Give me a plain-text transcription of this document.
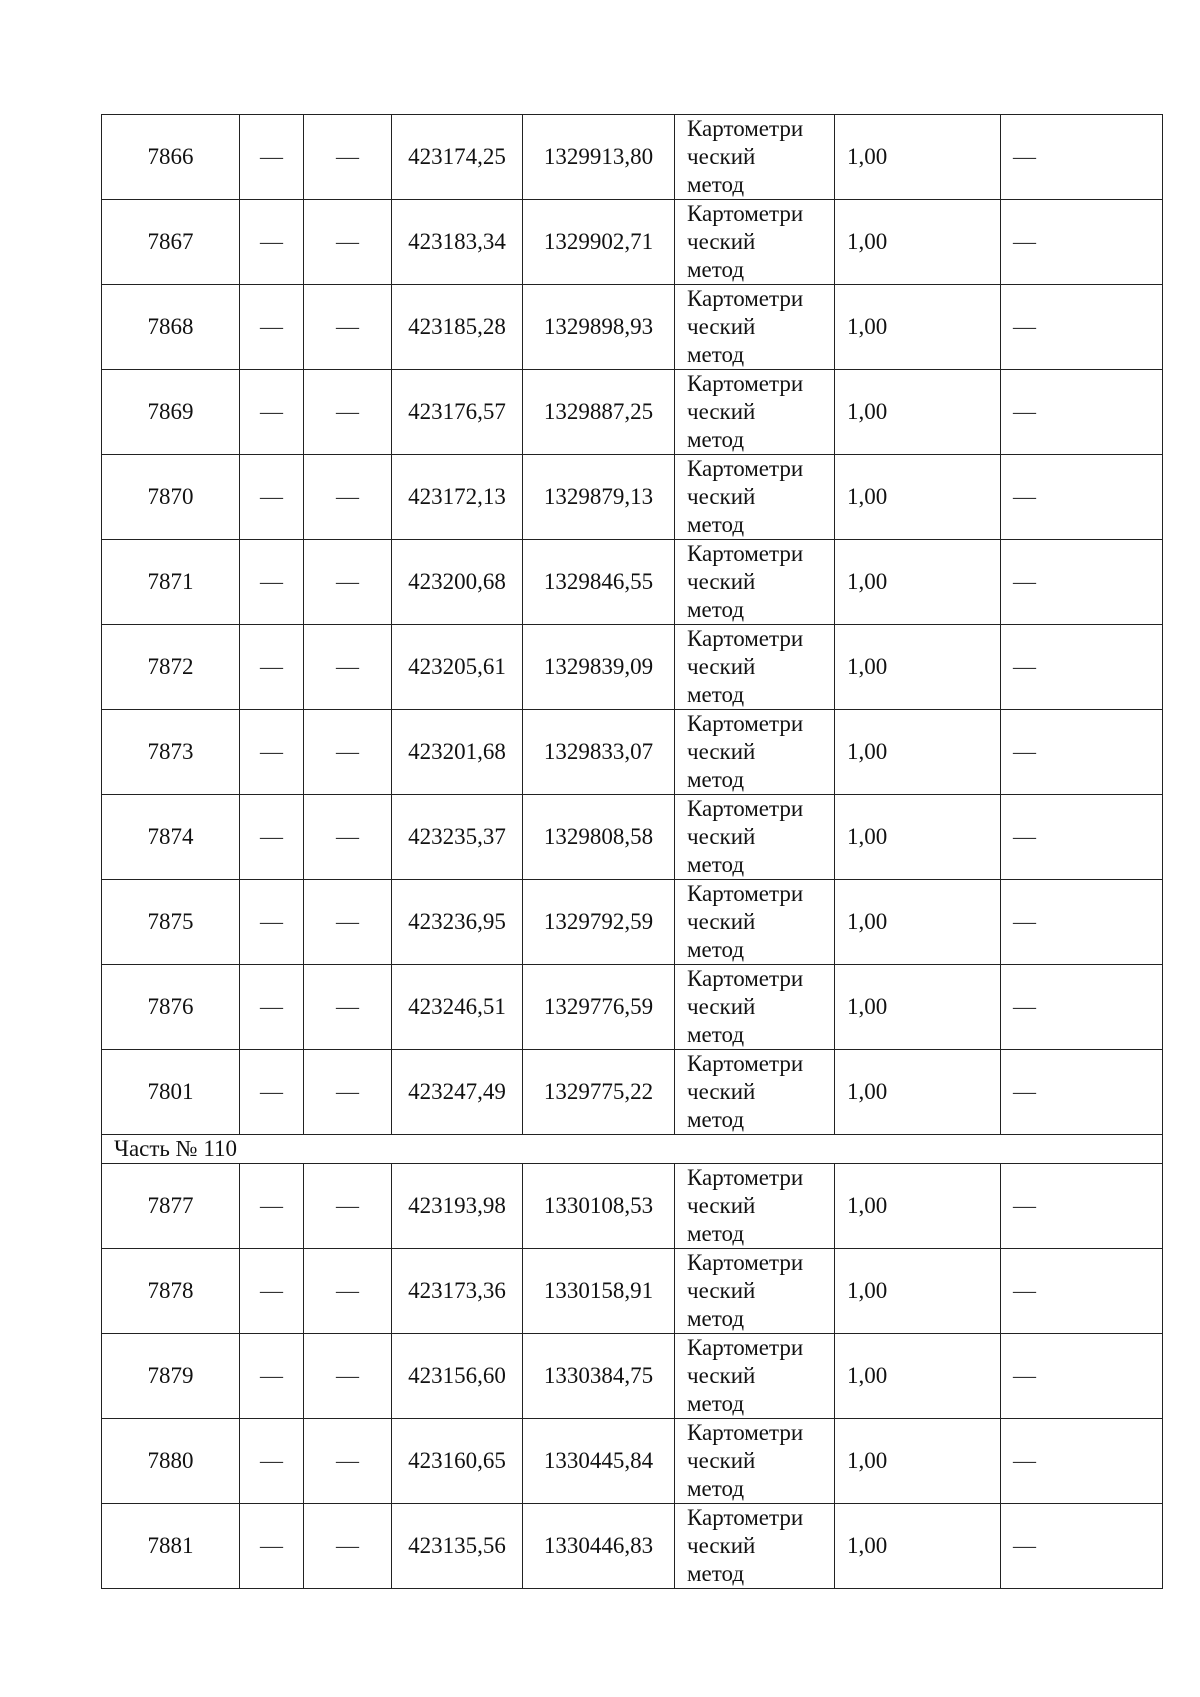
7866	—	—	423174,25	1329913,80	Картометри
ческий
метод	1,00	—
7867	—	—	423183,34	1329902,71	Картометри
ческий
метод	1,00	—
7868	—	—	423185,28	1329898,93	Картометри
ческий
метод	1,00	—
7869	—	—	423176,57	1329887,25	Картометри
ческий
метод	1,00	—
7870	—	—	423172,13	1329879,13	Картометри
ческий
метод	1,00	—
7871	—	—	423200,68	1329846,55	Картометри
ческий
метод	1,00	—
7872	—	—	423205,61	1329839,09	Картометри
ческий
метод	1,00	—
7873	—	—	423201,68	1329833,07	Картометри
ческий
метод	1,00	—
7874	—	—	423235,37	1329808,58	Картометри
ческий
метод	1,00	—
7875	—	—	423236,95	1329792,59	Картометри
ческий
метод	1,00	—
7876	—	—	423246,51	1329776,59	Картометри
ческий
метод	1,00	—
7801	—	—	423247,49	1329775,22	Картометри
ческий
метод	1,00	—
Часть № 110							
7877	—	—	423193,98	1330108,53	Картометри
ческий
метод	1,00	—
7878	—	—	423173,36	1330158,91	Картометри
ческий
метод	1,00	—
7879	—	—	423156,60	1330384,75	Картометри
ческий
метод	1,00	—
7880	—	—	423160,65	1330445,84	Картометри
ческий
метод	1,00	—
7881	—	—	423135,56	1330446,83	Картометри
ческий
метод	1,00	—
